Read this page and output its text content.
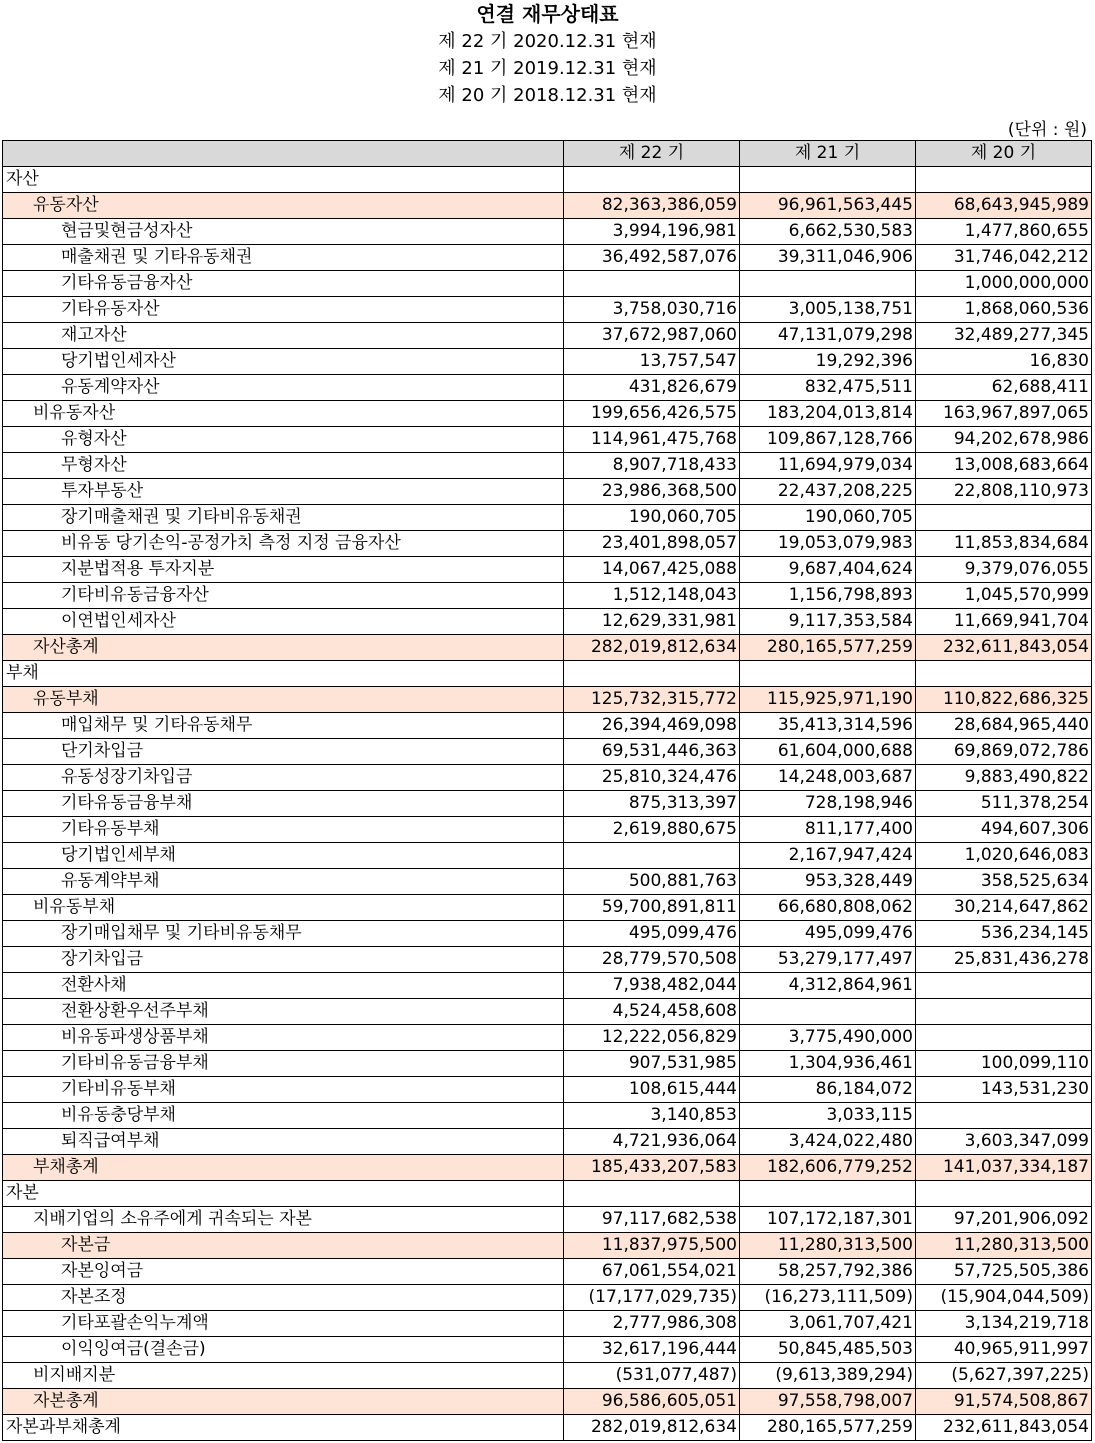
연결 재무상태표
제 22 기 2020.12.31 현재
제 21 기 2019.12.31 현재
제 20 기 2018.12.31 현재
(단위 : 원)
	제 22 기	제 21 기	제 20 기
자산			
유동자산	82,363,386,059	96,961,563,445	68,643,945,989
현금및현금성자산	3,994,196,981	6,662,530,583	1,477,860,655
매출채권 및 기타유동채권	36,492,587,076	39,311,046,906	31,746,042,212
기타유동금융자산			1,000,000,000
기타유동자산	3,758,030,716	3,005,138,751	1,868,060,536
재고자산	37,672,987,060	47,131,079,298	32,489,277,345
당기법인세자산	13,757,547	19,292,396	16,830
유동계약자산	431,826,679	832,475,511	62,688,411
비유동자산	199,656,426,575	183,204,013,814	163,967,897,065
유형자산	114,961,475,768	109,867,128,766	94,202,678,986
무형자산	8,907,718,433	11,694,979,034	13,008,683,664
투자부동산	23,986,368,500	22,437,208,225	22,808,110,973
장기매출채권 및 기타비유동채권	190,060,705	190,060,705	
비유동 당기손익-공정가치 측정 지정 금융자산	23,401,898,057	19,053,079,983	11,853,834,684
지분법적용 투자지분	14,067,425,088	9,687,404,624	9,379,076,055
기타비유동금융자산	1,512,148,043	1,156,798,893	1,045,570,999
이연법인세자산	12,629,331,981	9,117,353,584	11,669,941,704
자산총계	282,019,812,634	280,165,577,259	232,611,843,054
부채			
유동부채	125,732,315,772	115,925,971,190	110,822,686,325
매입채무 및 기타유동채무	26,394,469,098	35,413,314,596	28,684,965,440
단기차입금	69,531,446,363	61,604,000,688	69,869,072,786
유동성장기차입금	25,810,324,476	14,248,003,687	9,883,490,822
기타유동금융부채	875,313,397	728,198,946	511,378,254
기타유동부채	2,619,880,675	811,177,400	494,607,306
당기법인세부채		2,167,947,424	1,020,646,083
유동계약부채	500,881,763	953,328,449	358,525,634
비유동부채	59,700,891,811	66,680,808,062	30,214,647,862
장기매입채무 및 기타비유동채무	495,099,476	495,099,476	536,234,145
장기차입금	28,779,570,508	53,279,177,497	25,831,436,278
전환사채	7,938,482,044	4,312,864,961	
전환상환우선주부채	4,524,458,608		
비유동파생상품부채	12,222,056,829	3,775,490,000	
기타비유동금융부채	907,531,985	1,304,936,461	100,099,110
기타비유동부채	108,615,444	86,184,072	143,531,230
비유동충당부채	3,140,853	3,033,115	
퇴직급여부채	4,721,936,064	3,424,022,480	3,603,347,099
부채총계	185,433,207,583	182,606,779,252	141,037,334,187
자본			
지배기업의 소유주에게 귀속되는 자본	97,117,682,538	107,172,187,301	97,201,906,092
자본금	11,837,975,500	11,280,313,500	11,280,313,500
자본잉여금	67,061,554,021	58,257,792,386	57,725,505,386
자본조정	(17,177,029,735)	(16,273,111,509)	(15,904,044,509)
기타포괄손익누계액	2,777,986,308	3,061,707,421	3,134,219,718
이익잉여금(결손금)	32,617,196,444	50,845,485,503	40,965,911,997
비지배지분	(531,077,487)	(9,613,389,294)	(5,627,397,225)
자본총계	96,586,605,051	97,558,798,007	91,574,508,867
자본과부채총계	282,019,812,634	280,165,577,259	232,611,843,054
